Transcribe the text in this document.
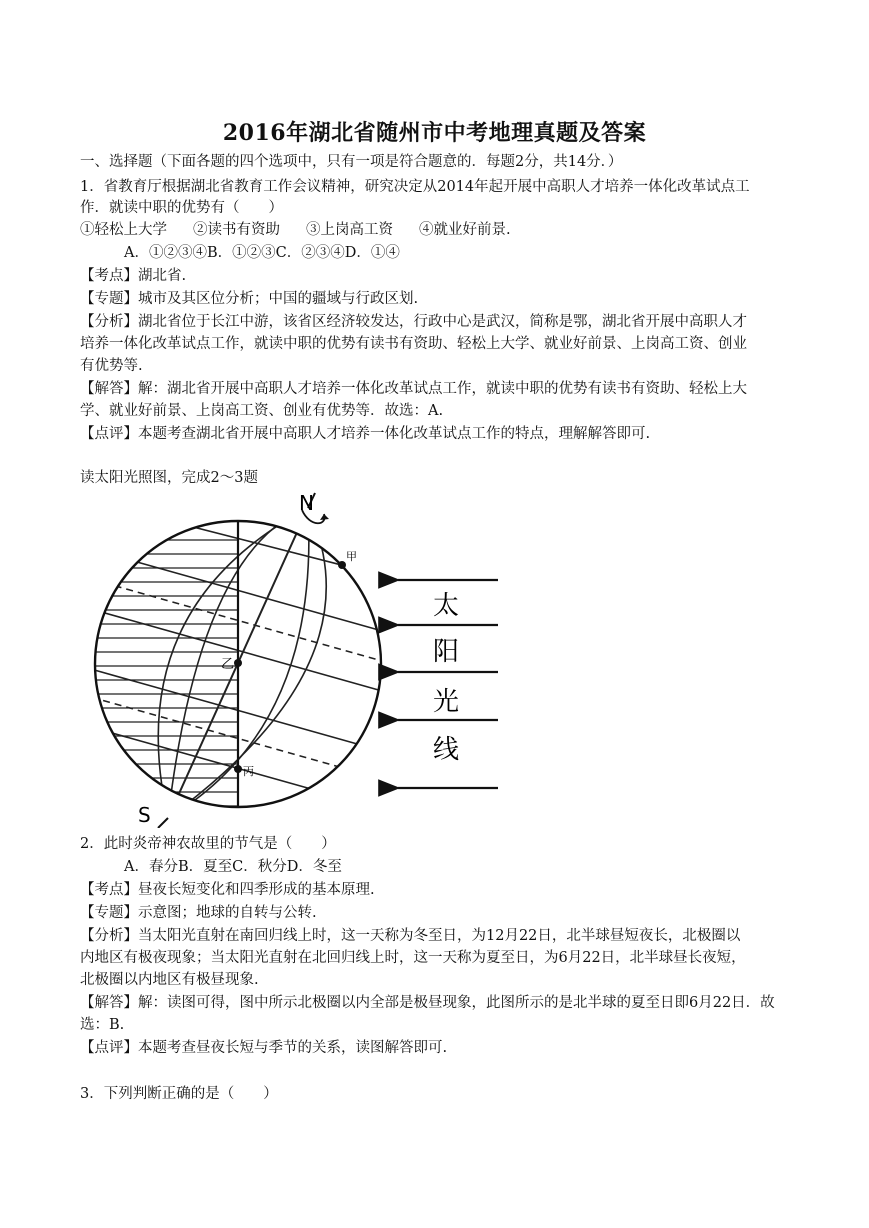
2016年湖北省随州市中考地理真题及答案
一、选择题（下面各题的四个选项中，只有一项是符合题意的．每题2分，共14分．）
1．省教育厅根据湖北省教育工作会议精神，研究决定从2014年起开展中高职人才培养一体化改革试点工
作．就读中职的优势有（　　）
①轻松上大学 ②读书有资助 ③上岗高工资 ④就业好前景.
A．①②③④B．①②③C．②③④D．①④
【考点】湖北省.
【专题】城市及其区位分析；中国的疆域与行政区划.
【分析】湖北省位于长江中游，该省区经济较发达，行政中心是武汉，简称是鄂，湖北省开展中高职人才
培养一体化改革试点工作，就读中职的优势有读书有资助、轻松上大学、就业好前景、上岗高工资、创业
有优势等.
【解答】解：湖北省开展中高职人才培养一体化改革试点工作，就读中职的优势有读书有资助、轻松上大
学、就业好前景、上岗高工资、创业有优势等．故选：A.
【点评】本题考查湖北省开展中高职人才培养一体化改革试点工作的特点，理解解答即可.
读太阳光照图，完成2～3题
N
S
甲
乙
丙
太
阳
光
线
2．此时炎帝神农故里的节气是（　　）
A．春分B．夏至C．秋分D．冬至
【考点】昼夜长短变化和四季形成的基本原理.
【专题】示意图；地球的自转与公转.
【分析】当太阳光直射在南回归线上时，这一天称为冬至日，为12月22日，北半球昼短夜长，北极圈以
内地区有极夜现象；当太阳光直射在北回归线上时，这一天称为夏至日，为6月22日，北半球昼长夜短，
北极圈以内地区有极昼现象.
【解答】解：读图可得，图中所示北极圈以内全部是极昼现象，此图所示的是北半球的夏至日即6月22日．故
选：B.
【点评】本题考查昼夜长短与季节的关系，读图解答即可.
3．下列判断正确的是（　　）
